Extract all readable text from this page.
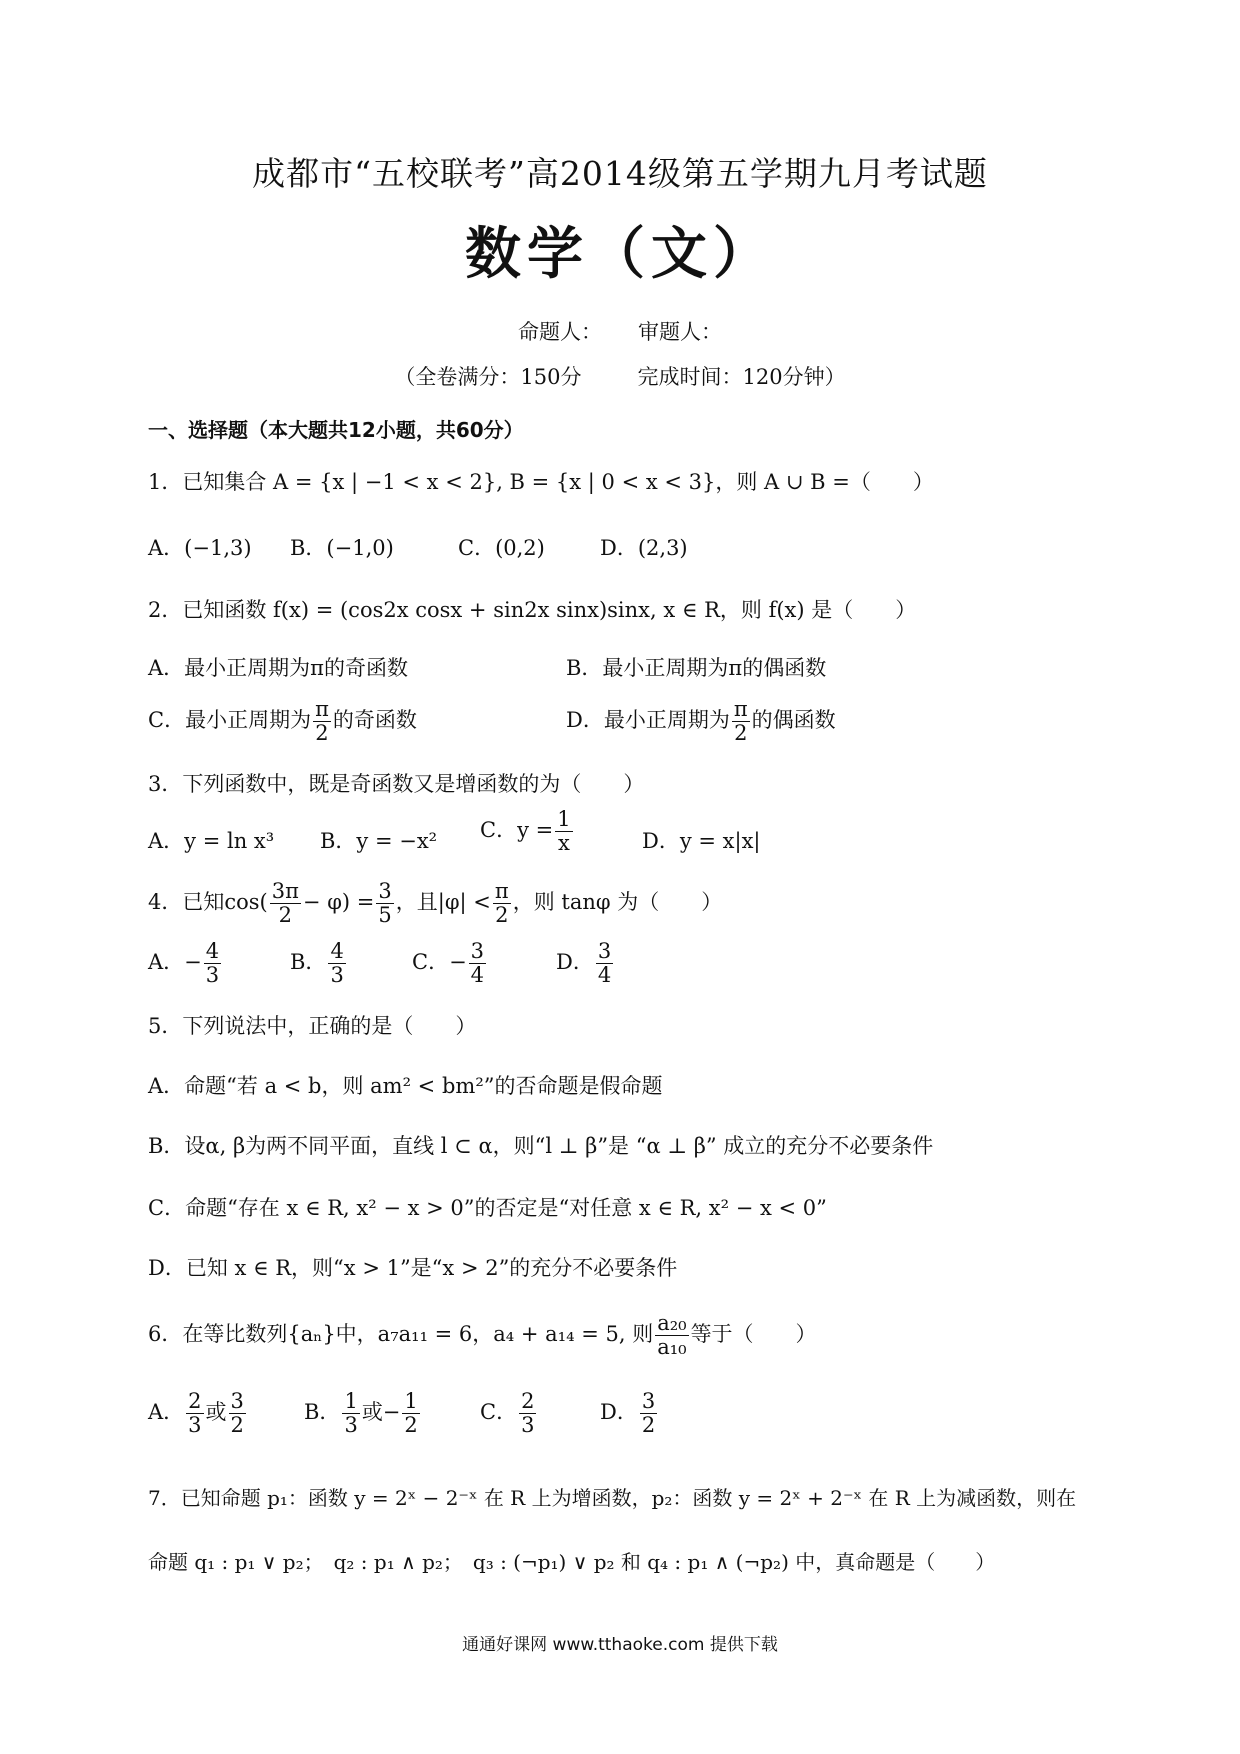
成都市“五校联考”高2014级第五学期九月考试题
数学（文）
命题人： 审题人：
（全卷满分：150分	完成时间：120分钟）
一、选择题（本大题共12小题，共60分）
1．已知集合 A = {x | −1 < x < 2}, B = {x | 0 < x < 3}，则 A ∪ B =（　　）
A．(−1,3) B．(−1,0)	C．(0,2)	D．(2,3)
2．已知函数 f(x) = (cos2x cosx + sin2x sinx)sinx, x ∈ R，则 f(x) 是（　　）
A．最小正周期为π的奇函数	B．最小正周期为π的偶函数
C．最小正周期为 $\frac{\pi}{2}$ 的奇函数	D．最小正周期为 $\frac{\pi}{2}$ 的偶函数
3．下列函数中，既是奇函数又是增函数的为（　　）
A．y = ln x³ B．y = −x² C．$y = \frac{1}{x}$	D．y = x|x|
4．已知$\cos( \frac{3\pi}{2} - \varphi) = \frac{3}{5}$ ，且$|\varphi| < \frac{\pi}{2}$ ，则 tanφ 为（　　）
A．− $\frac{4}{3}$	B． $\frac{4}{3}$	C．− $\frac{3}{4}$	D． $\frac{3}{4}$
5．下列说法中，正确的是（　　）
A．命题“若 a < b，则 am² < bm²”的否命题是假命题
B．设α, β为两不同平面，直线 l ⊂ α，则“l ⊥ β”是 “α ⊥ β” 成立的充分不必要条件
C．命题“存在 x ∈ R, x² − x > 0”的否定是“对任意 x ∈ R, x² − x < 0”
D．已知 x ∈ R，则“x > 1”是“x > 2”的充分不必要条件
6．在等比数列{aₙ}中，a₇a₁₁ = 6，a₄ + a₁₄ = 5, 则 $\frac{\text{a₂₀}}{\text{a₁₀}}$ 等于（　　）
A． $\frac{2}{3}$ 或 $\frac{3}{2}$	B． $\frac{1}{3}$ 或− $\frac{1}{2}$	C． $\frac{2}{3}$	D． $\frac{3}{2}$
7．已知命题 p₁：函数 y = 2ˣ − 2⁻ˣ 在 R 上为增函数，p₂：函数 y = 2ˣ + 2⁻ˣ 在 R 上为减函数，则在
命题 q₁ : p₁ ∨ p₂；　q₂ : p₁ ∧ p₂；　q₃ : (¬p₁) ∨ p₂ 和 q₄ : p₁ ∧ (¬p₂) 中，真命题是（　　）
通通好课网 www.tthaoke.com 提供下载
